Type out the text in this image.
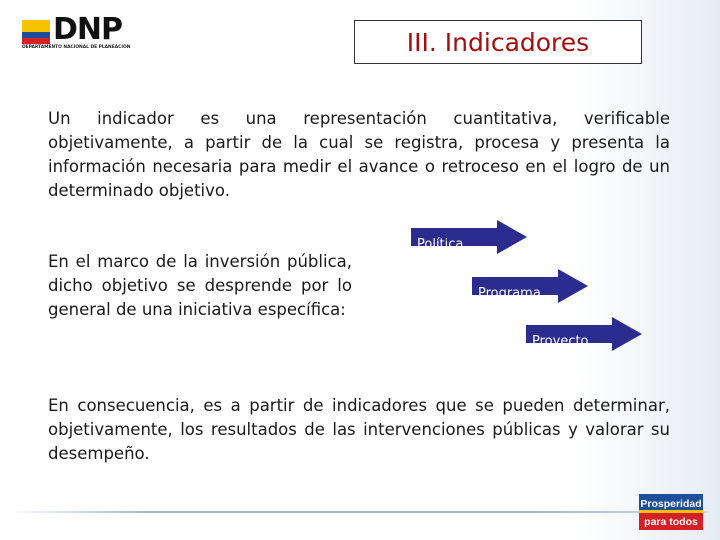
DNP
DEPARTAMENTO NACIONAL DE PLANEACIÓN	III. Indicadores

Un indicador es una representación cuantitativa, verificable objetivamente, a partir de la cual se registra, procesa y presenta la información necesaria para medir el avance o retroceso en el logro de un determinado objetivo.

En el marco de la inversión pública, dicho objetivo se desprende por lo general de una iniciativa específica:

Política
Programa
Proyecto

En consecuencia, es a partir de indicadores que se pueden determinar, objetivamente, los resultados de las intervenciones públicas y valorar su desempeño.

Prosperidad
para todos
